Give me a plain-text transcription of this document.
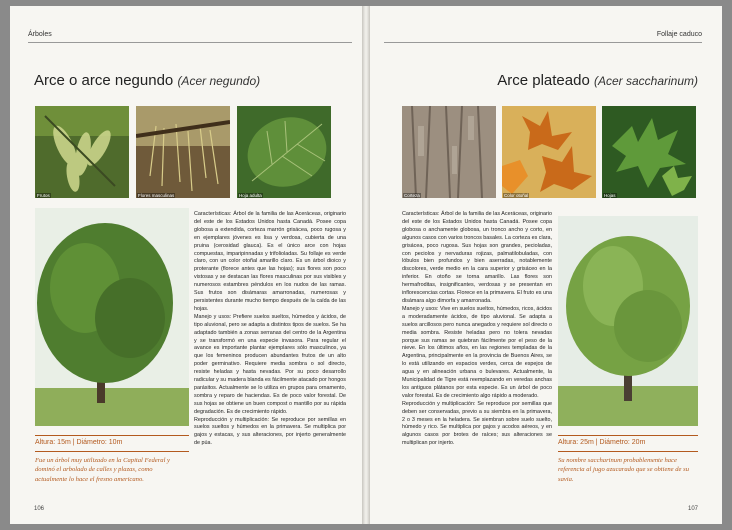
Árboles
Arce o arce negundo (Acer negundo)
Frutos	Flores masculinas	Hoja adulta
Altura: 15m | Diámetro: 10m
Fue un árbol muy utilizado en la Capital Federal y dominó el arbolado de calles y plazas, como actualmente lo hace el fresno americano.

Características: Árbol de la familia de las Aceráceas, originario del este de los Estados Unidos hasta Canadá. Posee copa globosa a extendida, corteza marrón grisácea, poco rugosa y en ejemplares jóvenes es lisa y verdosa, cubierta de una pruina (cerosidad glauca). Es el único arce con hojas compuestas, imparipinnadas y trifolioladas. Su follaje es verde claro, con un color otoñal amarillo claro. Es un árbol dioico y proterante (florece antes que las hojas); sus flores son poco vistosas y se destacan las flores masculinas por sus visibles y numerosos estambres péndulos en los nudos de las ramas. Sus frutos son disámaras amarronadas, numerosas y persistentes durante mucho tiempo después de la caída de las hojas.

Manejo y usos: Prefiere suelos sueltos, húmedos y ácidos, de tipo aluvional, pero se adapta a distintos tipos de suelos. Se ha adaptado también a zonas serranas del centro de la Argentina y se transformó en una especie invasora. Para regular el avance es importante plantar ejemplares sólo masculinos, ya que los femeninos producen abundantes frutos de un alto poder germinativo. Requiere media sombra o sol directo, resiste heladas y hasta nevadas. Por su poco desarrollo radicular y su madera blanda es fácilmente atacado por hongos parásitos. Actualmente se lo utiliza en grupos para ornamento, sombra y reparo de haciendas. Es de poco valor forestal. De sus hojas se obtiene un buen compost o mantillo por su rápida degradación. Es de crecimiento rápido.

Reproducción y multiplicación: Se reproduce por semillas en suelos sueltos y húmedos en la primavera. Se multiplica por gajos y estacas, y sus alteraciones, por injerto generalmente de púa.

106
Follaje caduco
Arce plateado (Acer saccharinum)
Corteza	Color otoñal	Hojas

Características: Árbol de la familia de las Aceráceas, originario del este de los Estados Unidos hasta Canadá. Posee copa globosa o anchamente globosa, un tronco ancho y corto, en algunos casos con varios troncos basales. La corteza es clara, grisácea, poco rugosa. Sus hojas son grandes, pecioladas, con peciolos y nervaduras rojizas, palmatilobuladas, con lóbulos bien profundos y bien aserradas, notablemente discolores, verde medio en la cara superior y grisáceo en la inferior. En otoño se torna amarillo. Las flores son hermafroditas, insignificantes, verdosas y se presentan en inflorescencias cortas. Florece en la primavera. El fruto es una disámara algo dimorfa y amarronada.

Manejo y usos: Vive en suelos sueltos, húmedos, ricos, ácidos a moderadamente ácidos, de tipo aluvional. Se adapta a suelos arcillosos pero nunca anegados y requiere sol directo o media sombra. Resiste heladas pero no tolera nevadas porque sus ramas se quiebran fácilmente por el peso de la nieve. En los últimos años, en las regiones templadas de la Argentina, principalmente en la provincia de Buenos Aires, se lo está utilizando en espacios verdes, cerca de espejos de agua y en alineación urbana o bulevares. Actualmente, la Municipalidad de Tigre está reemplazando en veredas anchas los antiguos plátanos por esta especie. Es un árbol de poco valor forestal. Es de crecimiento algo rápido a moderado.

Reproducción y multiplicación: Se reproduce por semillas que deben ser conservadas, previo a su siembra en la primavera, 2 o 3 meses en la heladera. Se siembran sobre suelo suelto, húmedo y rico. Se multiplica por gajos y acodos aéreos, y en algunos casos por brotes de raíces; sus alteraciones se multiplican por injerto.	Altura: 25m | Diámetro: 20m
Su nombre saccharinum probablemente hace referencia al jugo azucarado que se obtiene de su savia.
107
